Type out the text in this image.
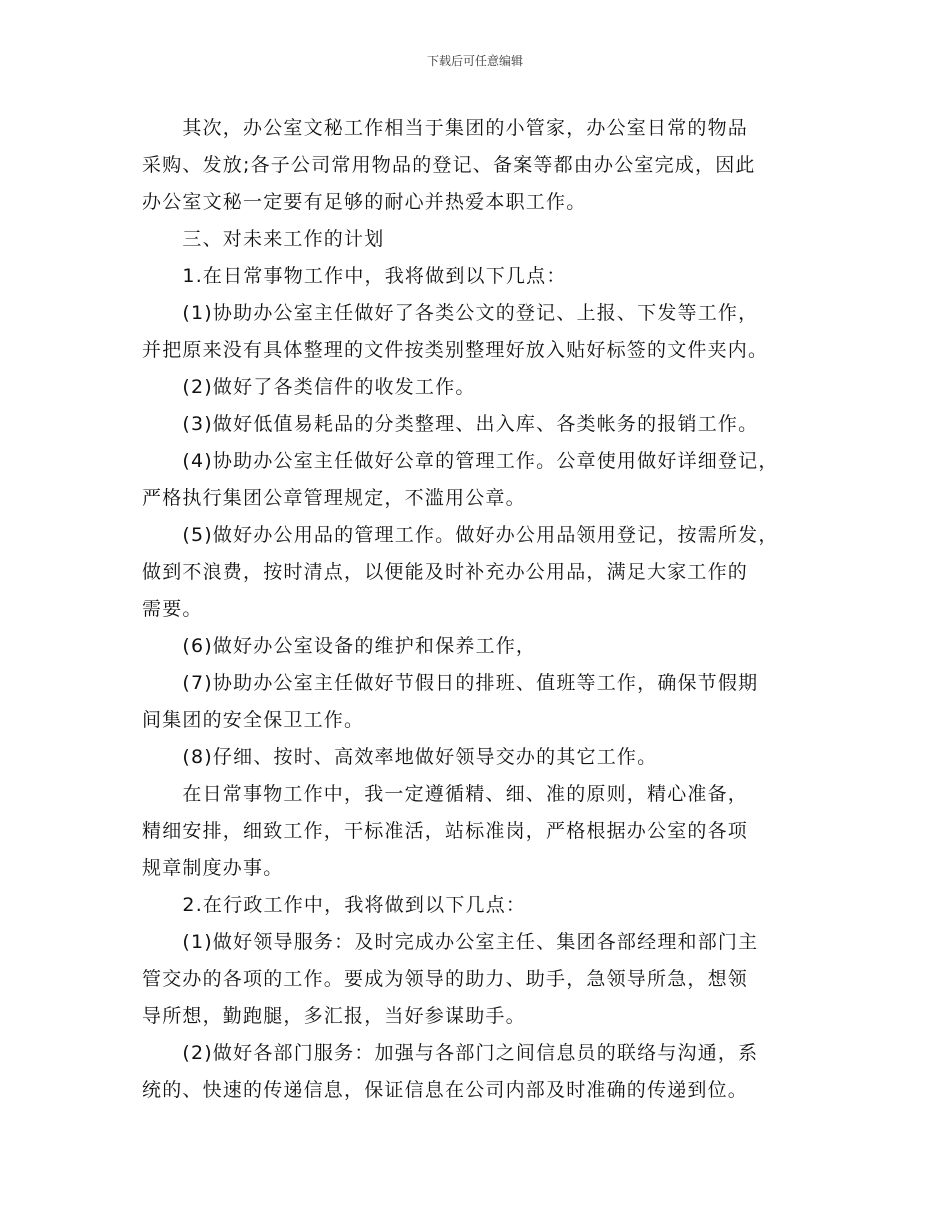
下载后可任意编辑

　　其次，办公室文秘工作相当于集团的小管家，办公室日常的物品

采购、发放;各子公司常用物品的登记、备案等都由办公室完成，因此

办公室文秘一定要有足够的耐心并热爱本职工作。

　　三、对未来工作的计划

　　1.在日常事物工作中，我将做到以下几点：

　　(1)协助办公室主任做好了各类公文的登记、上报、下发等工作，

并把原来没有具体整理的文件按类别整理好放入贴好标签的文件夹内。

　　(2)做好了各类信件的收发工作。

　　(3)做好低值易耗品的分类整理、出入库、各类帐务的报销工作。

　　(4)协助办公室主任做好公章的管理工作。公章使用做好详细登记，

严格执行集团公章管理规定，不滥用公章。

　　(5)做好办公用品的管理工作。做好办公用品领用登记，按需所发，

做到不浪费，按时清点，以便能及时补充办公用品，满足大家工作的

需要。

　　(6)做好办公室设备的维护和保养工作，

　　(7)协助办公室主任做好节假日的排班、值班等工作，确保节假期

间集团的安全保卫工作。

　　(8)仔细、按时、高效率地做好领导交办的其它工作。

　　在日常事物工作中，我一定遵循精、细、准的原则，精心准备，

精细安排，细致工作，干标准活，站标准岗，严格根据办公室的各项

规章制度办事。

　　2.在行政工作中，我将做到以下几点：

　　(1)做好领导服务：及时完成办公室主任、集团各部经理和部门主

管交办的各项的工作。要成为领导的助力、助手，急领导所急，想领

导所想，勤跑腿，多汇报，当好参谋助手。

　　(2)做好各部门服务：加强与各部门之间信息员的联络与沟通，系

统的、快速的传递信息，保证信息在公司内部及时准确的传递到位。
